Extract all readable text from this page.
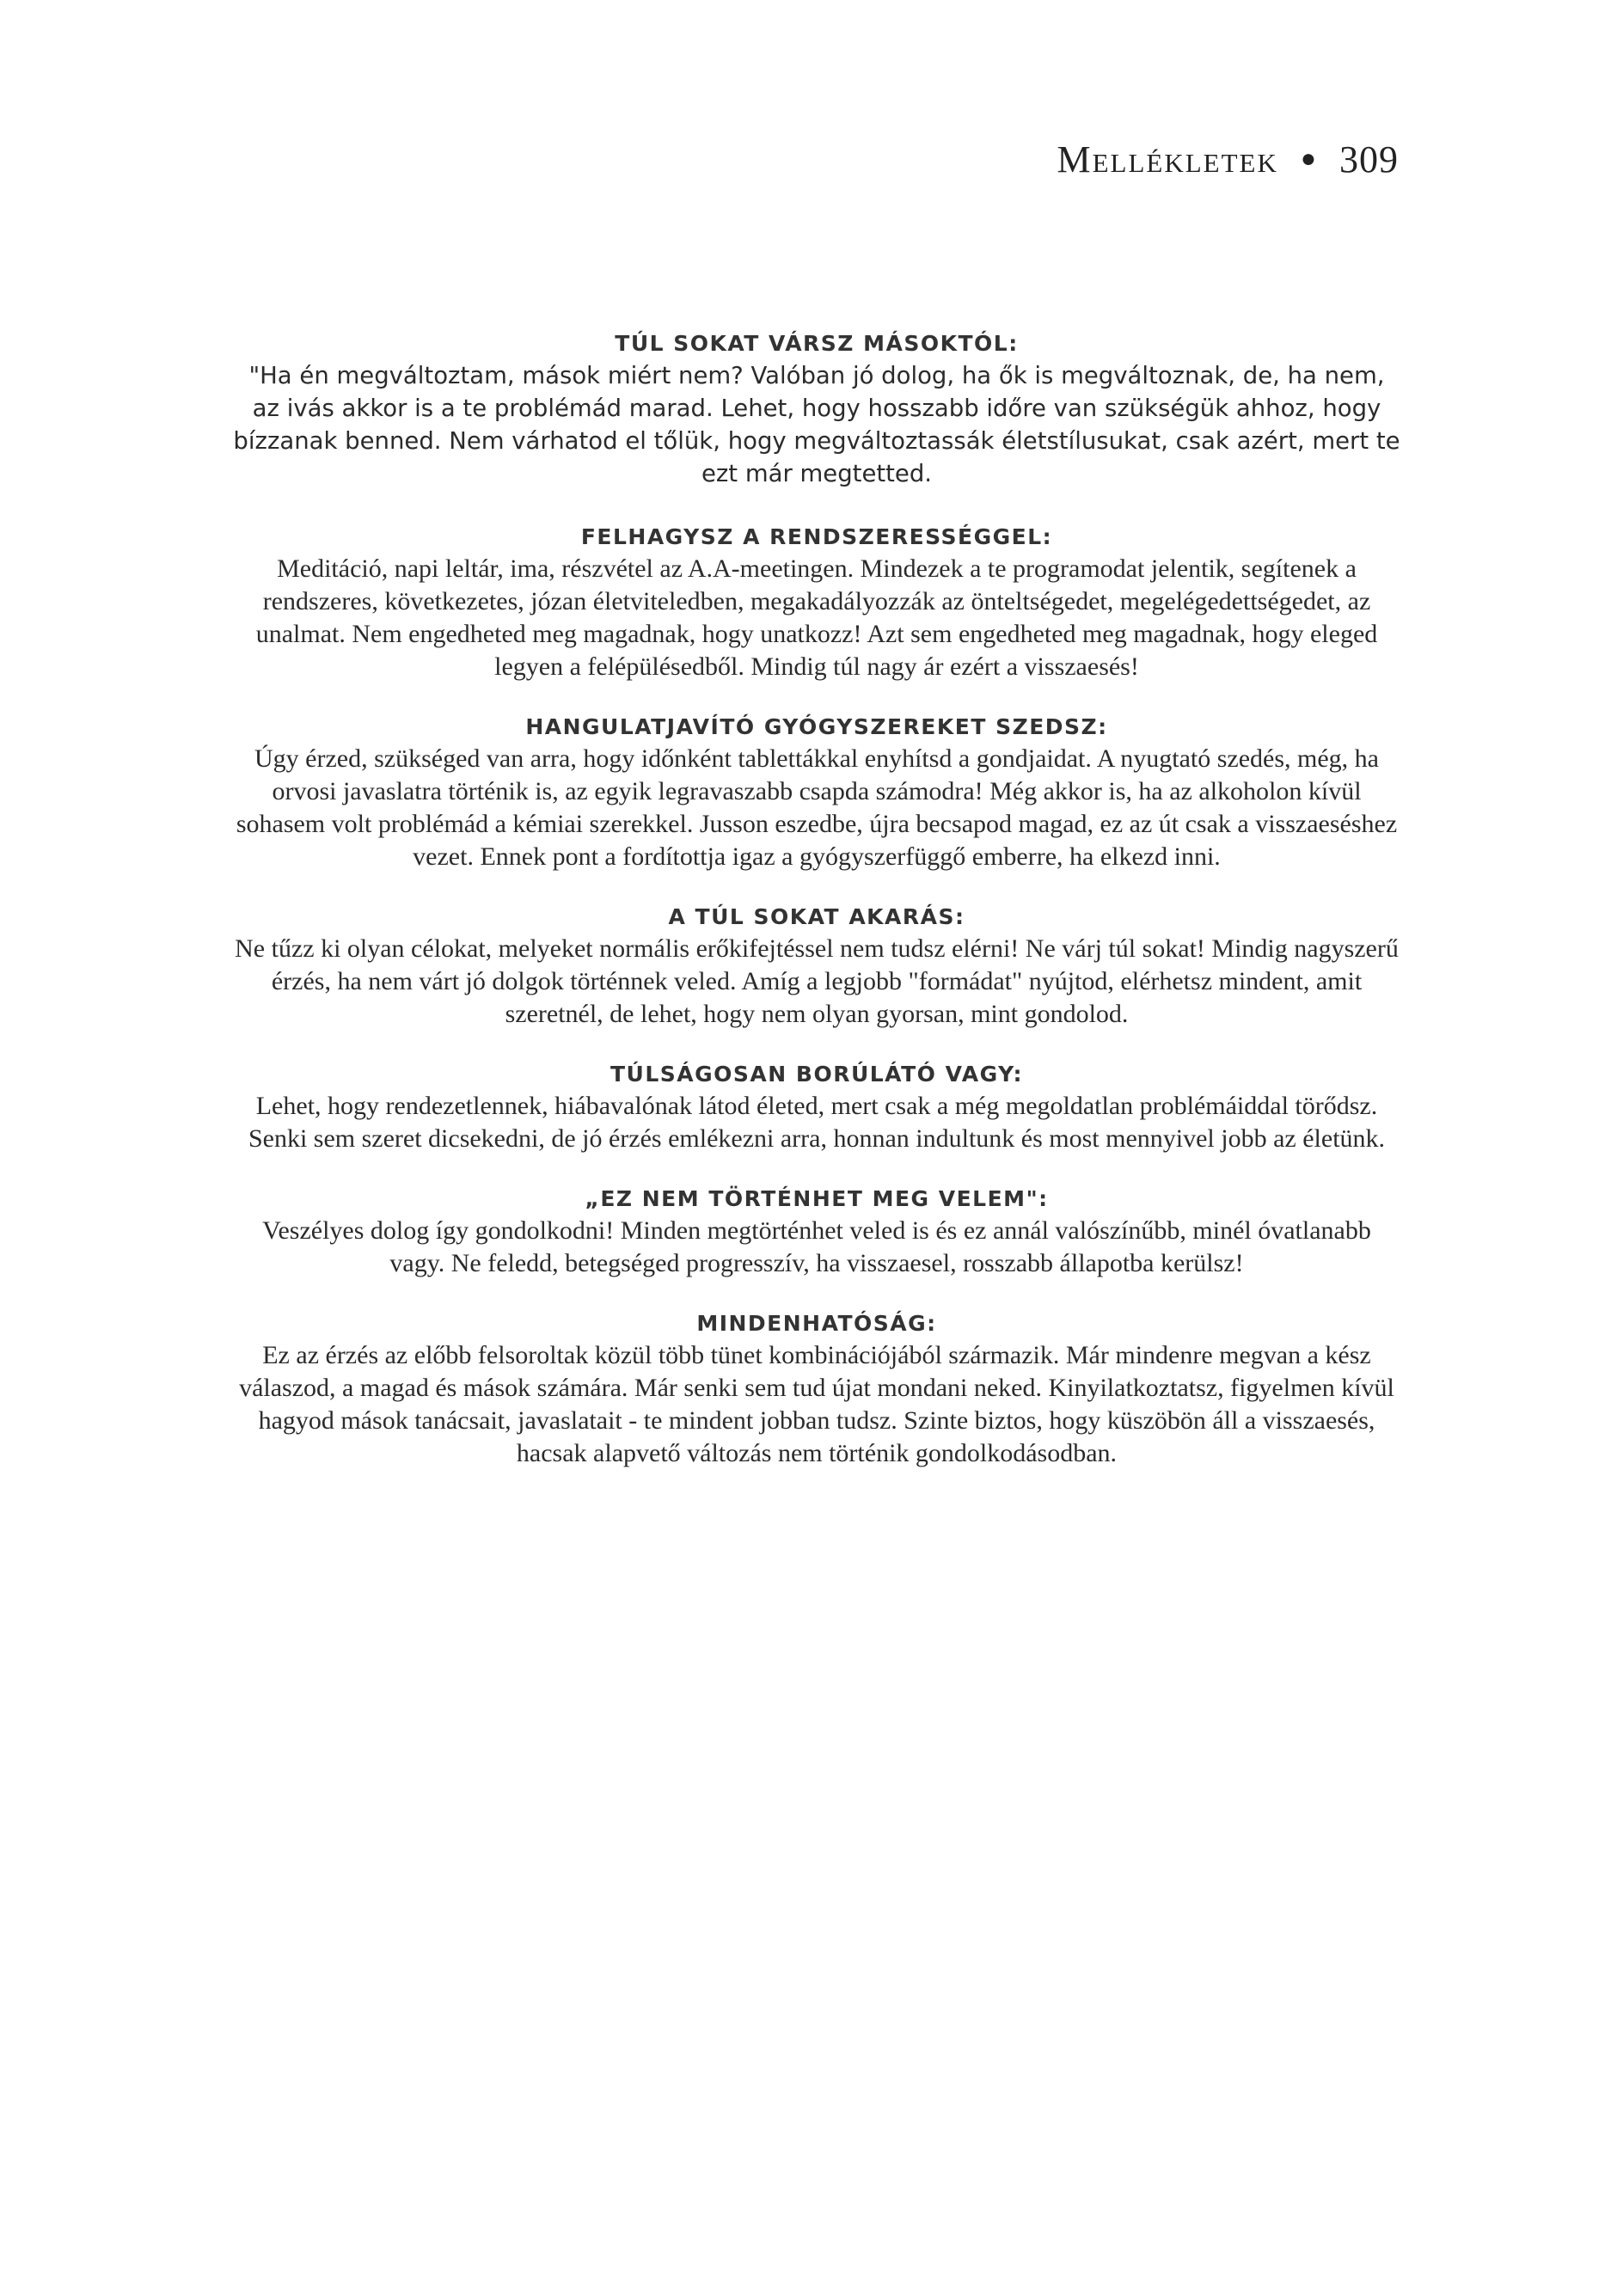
Mellékletek ● 309
TÚL SOKAT VÁRSZ MÁSOKTÓL:

"Ha én megváltoztam, mások miért nem? Valóban jó dolog, ha ők is megváltoznak, de, ha nem, az ivás akkor is a te problémád marad. Lehet, hogy hosszabb időre van szükségük ahhoz, hogy bízzanak benned. Nem várhatod el tőlük, hogy megváltoztassák életstílusukat, csak azért, mert te ezt már megtetted.

FELHAGYSZ A RENDSZERESSÉGGEL:

Meditáció, napi leltár, ima, részvétel az A.A-meetingen. Mindezek a te programodat jelentik, segítenek a rendszeres, következetes, józan életviteledben, megakadályozzák az önteltségedet, megelégedettségedet, az unalmat. Nem engedheted meg magadnak, hogy unatkozz! Azt sem engedheted meg magadnak, hogy eleged legyen a felépülésedből. Mindig túl nagy ár ezért a visszaesés!

HANGULATJAVÍTÓ GYÓGYSZEREKET SZEDSZ:

Úgy érzed, szükséged van arra, hogy időnként tablettákkal enyhítsd a gondjaidat. A nyugtató szedés, még, ha orvosi javaslatra történik is, az egyik legravaszabb csapda számodra! Még akkor is, ha az alkoholon kívül sohasem volt problémád a kémiai szerekkel. Jusson eszedbe, újra becsapod magad, ez az út csak a visszaeséshez vezet. Ennek pont a fordítottja igaz a gyógyszerfüggő emberre, ha elkezd inni.

A TÚL SOKAT AKARÁS:

Ne tűzz ki olyan célokat, melyeket normális erőkifejtéssel nem tudsz elérni! Ne várj túl sokat! Mindig nagyszerű érzés, ha nem várt jó dolgok történnek veled. Amíg a legjobb "formádat" nyújtod, elérhetsz mindent, amit szeretnél, de lehet, hogy nem olyan gyorsan, mint gondolod.

TÚLSÁGOSAN BORÚLÁTÓ VAGY:

Lehet, hogy rendezetlennek, hiábavalónak látod életed, mert csak a még megoldatlan problémáiddal törődsz. Senki sem szeret dicsekedni, de jó érzés emlékezni arra, honnan indultunk és most mennyivel jobb az életünk.

„EZ NEM TÖRTÉNHET MEG VELEM":

Veszélyes dolog így gondolkodni! Minden megtörténhet veled is és ez annál valószínűbb, minél óvatlanabb vagy. Ne feledd, betegséged progresszív, ha visszaesel, rosszabb állapotba kerülsz!

MINDENHATÓSÁG:

Ez az érzés az előbb felsoroltak közül több tünet kombinációjából származik. Már mindenre megvan a kész válaszod, a magad és mások számára. Már senki sem tud újat mondani neked. Kinyilatkoztatsz, figyelmen kívül hagyod mások tanácsait, javaslatait - te mindent jobban tudsz. Szinte biztos, hogy küszöbön áll a visszaesés, hacsak alapvető változás nem történik gondolkodásodban.
